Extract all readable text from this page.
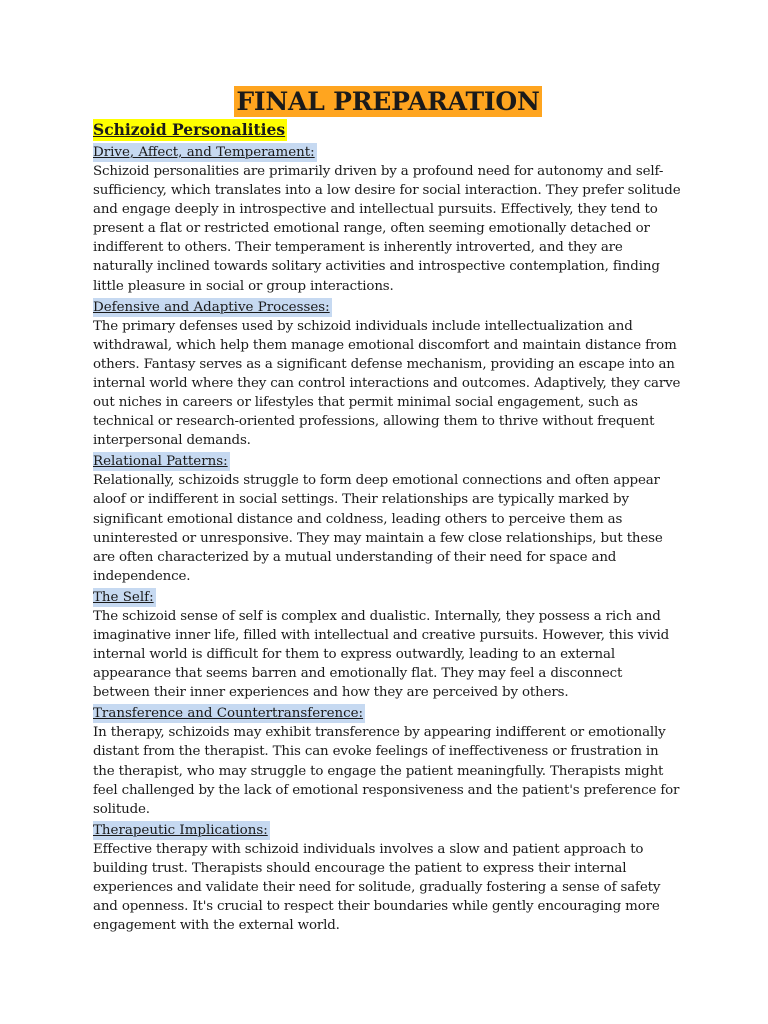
FINAL PREPARATION
Schizoid Personalities
Drive, Affect, and Temperament:

Schizoid personalities are primarily driven by a profound need for autonomy and self-sufficiency, which translates into a low desire for social interaction. They prefer solitude and engage deeply in introspective and intellectual pursuits. Effectively, they tend to present a flat or restricted emotional range, often seeming emotionally detached or indifferent to others. Their temperament is inherently introverted, and they are naturally inclined towards solitary activities and introspective contemplation, finding little pleasure in social or group interactions.

Defensive and Adaptive Processes:

The primary defenses used by schizoid individuals include intellectualization and withdrawal, which help them manage emotional discomfort and maintain distance from others. Fantasy serves as a significant defense mechanism, providing an escape into an internal world where they can control interactions and outcomes. Adaptively, they carve out niches in careers or lifestyles that permit minimal social engagement, such as technical or research-oriented professions, allowing them to thrive without frequent interpersonal demands.

Relational Patterns:

Relationally, schizoids struggle to form deep emotional connections and often appear aloof or indifferent in social settings. Their relationships are typically marked by significant emotional distance and coldness, leading others to perceive them as uninterested or unresponsive. They may maintain a few close relationships, but these are often characterized by a mutual understanding of their need for space and independence.

The Self:

The schizoid sense of self is complex and dualistic. Internally, they possess a rich and imaginative inner life, filled with intellectual and creative pursuits. However, this vivid internal world is difficult for them to express outwardly, leading to an external appearance that seems barren and emotionally flat. They may feel a disconnect between their inner experiences and how they are perceived by others.

Transference and Countertransference:

In therapy, schizoids may exhibit transference by appearing indifferent or emotionally distant from the therapist. This can evoke feelings of ineffectiveness or frustration in the therapist, who may struggle to engage the patient meaningfully. Therapists might feel challenged by the lack of emotional responsiveness and the patient's preference for solitude.

Therapeutic Implications:

Effective therapy with schizoid individuals involves a slow and patient approach to building trust. Therapists should encourage the patient to express their internal experiences and validate their need for solitude, gradually fostering a sense of safety and openness. It's crucial to respect their boundaries while gently encouraging more engagement with the external world.
